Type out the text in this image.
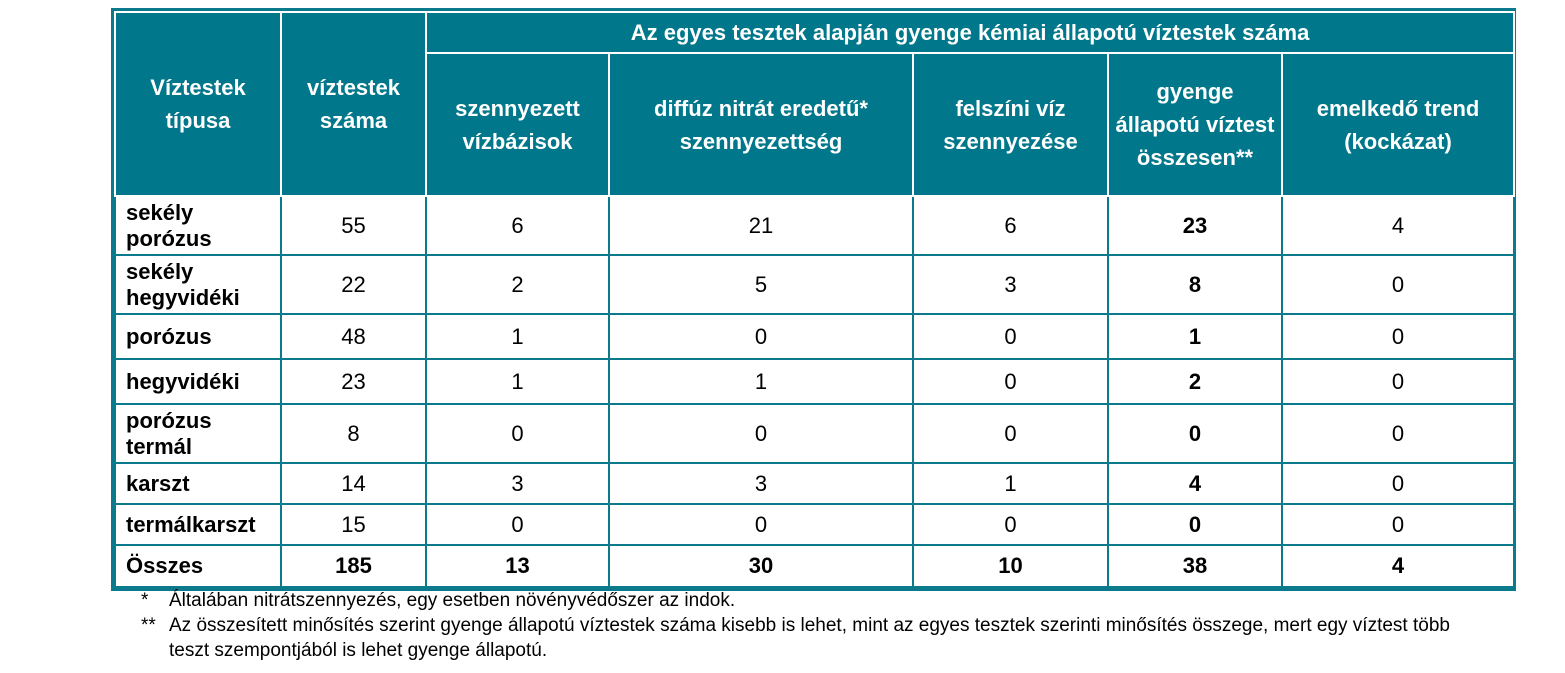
Víztestek típusa	víztestek száma	Az egyes tesztek alapján gyenge kémiai állapotú víztestek száma				
		szennyezett vízbázisok	diffúz nitrát eredetű* szennyezettség	felszíni víz szennyezése	gyenge állapotú víztest összesen**	emelkedő trend (kockázat)
sekély porózus	55	6	21	6	23	4
sekély hegyvidéki	22	2	5	3	8	0
porózus	48	1	0	0	1	0
hegyvidéki	23	1	1	0	2	0
porózus termál	8	0	0	0	0	0
karszt	14	3	3	1	4	0
termálkarszt	15	0	0	0	0	0
Összes	185	13	30	10	38	4
*	Általában nitrátszennyezés, egy esetben növényvédőszer az indok.
** Az összesített minősítés szerint gyenge állapotú víztestek száma kisebb is lehet, mint az egyes tesztek szerinti minősítés összege, mert egy víztest több teszt szempontjából is lehet gyenge állapotú.
